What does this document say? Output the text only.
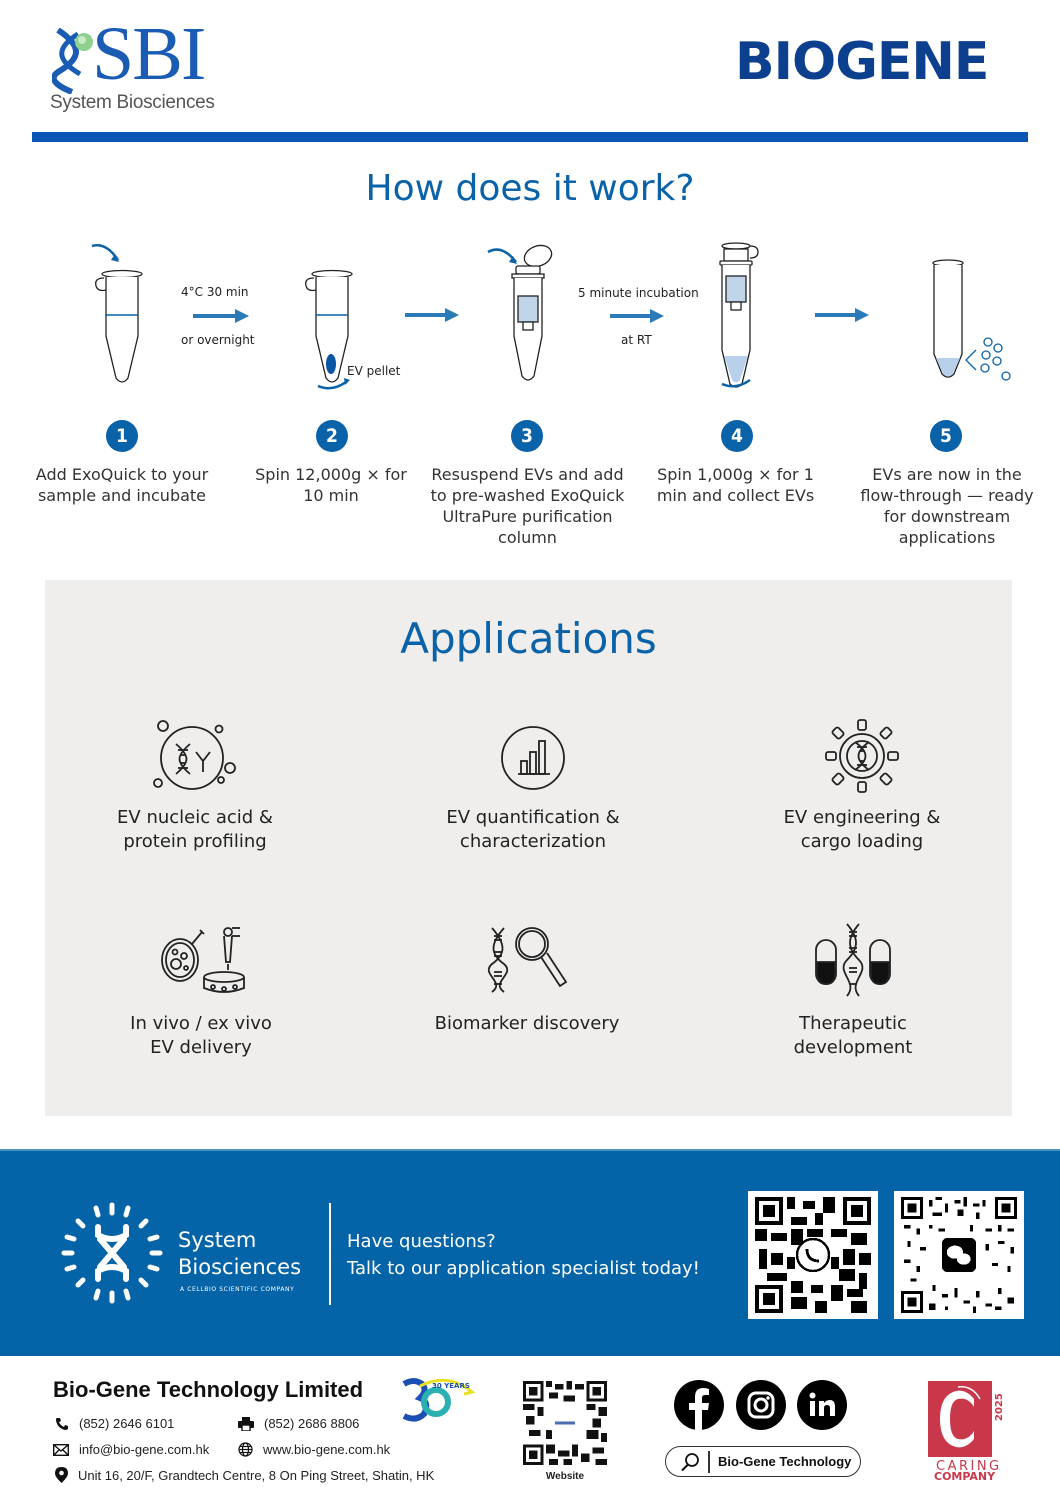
SBI
System Biosciences
BIOGENE
How does it work?
4°C 30 min
or overnight
EV pellet
5 minute incubation
at RT
1	2	3	4	5
Add ExoQuick to your sample and incubate
Spin 12,000g × for 10 min
Resuspend EVs and add to pre-washed ExoQuick UltraPure purification column
Spin 1,000g × for 1 min and collect EVs
EVs are now in the flow-through — ready for downstream applications
Applications
EV nucleic acid &
protein profiling
EV quantification &
characterization
EV engineering &
cargo loading
In vivo / ex vivo
EV delivery
Biomarker discovery	Therapeutic
development
System
Biosciences
A CELLBIO SCIENTIFIC COMPANY
Have questions?
Talk to our application specialist today!
Bio-Gene Technology Limited	30 YEARS
(852) 2646 6101	(852) 2686 8806
info@bio-gene.com.hk	www.bio-gene.com.hk
Unit 16, 20/F, Grandtech Centre, 8 On Ping Street, Shatin, HK	Website
Bio-Gene Technology
2025
CARING
COMPANY
